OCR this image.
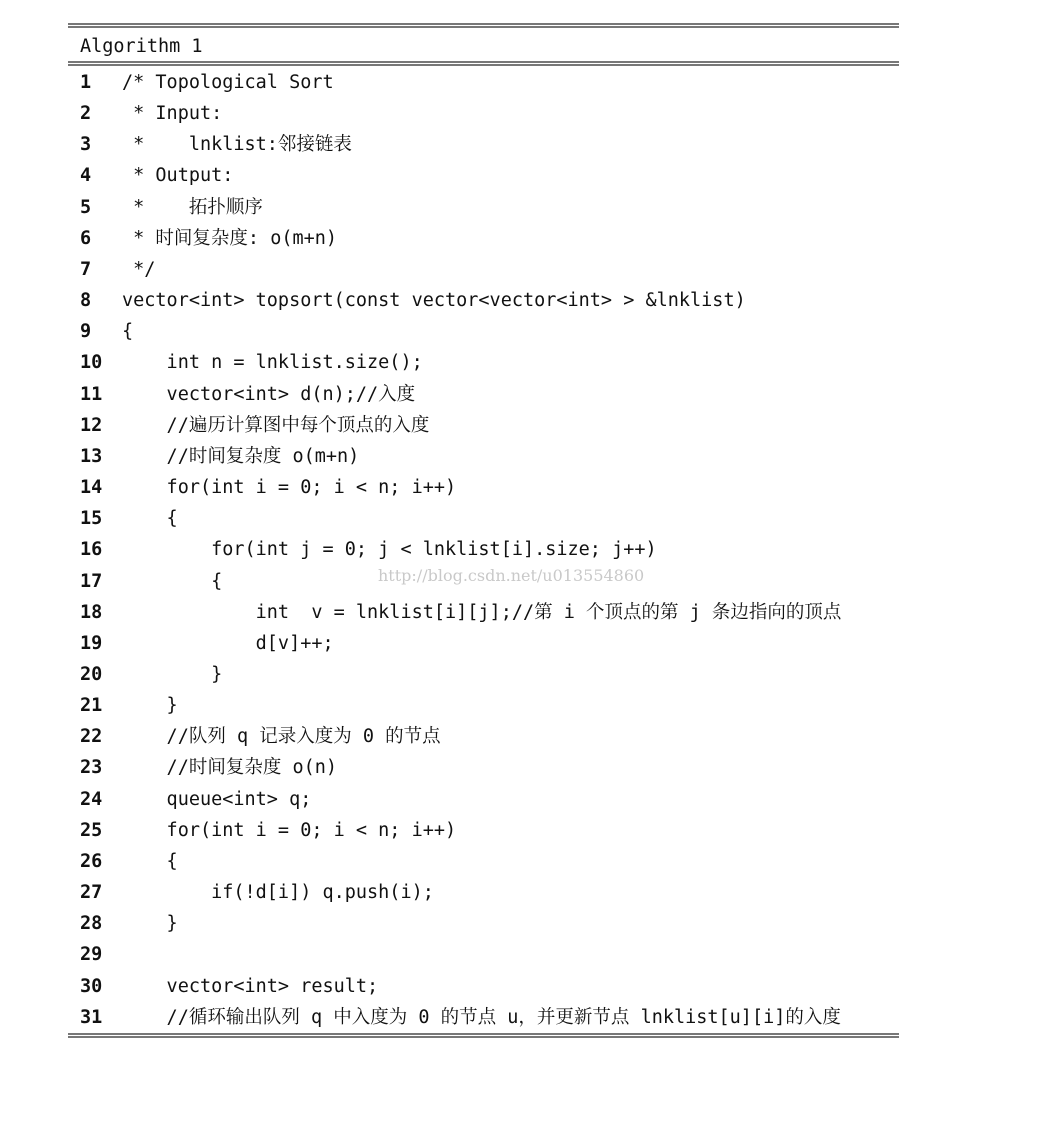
Algorithm 1
1 /* Topological Sort
2 * Input:
3 *    lnklist:邻接链表
4 * Output:
5 *    拓扑顺序
6 * 时间复杂度: o(m+n)
7 */
8 vector<int> topsort(const vector<vector<int> > &lnklist)
9 {
10 int n = lnklist.size();
11 vector<int> d(n);//入度
12 //遍历计算图中每个顶点的入度
13 //时间复杂度 o(m+n)
14 for(int i = 0; i < n; i++)
15 {
16 for(int j = 0; j < lnklist[i].size; j++)
17 {
18 int  v = lnklist[i][j];//第 i 个顶点的第 j 条边指向的顶点
19 d[v]++;
20 }
21 }
22 //队列 q 记录入度为 0 的节点
23 //时间复杂度 o(n)
24 queue<int> q;
25 for(int i = 0; i < n; i++)
26 {
27 if(!d[i]) q.push(i);
28 }
29
30 vector<int> result;
31 //循环输出队列 q 中入度为 0 的节点 u，并更新节点 lnklist[u][i]的入度
http://blog.csdn.net/u013554860
